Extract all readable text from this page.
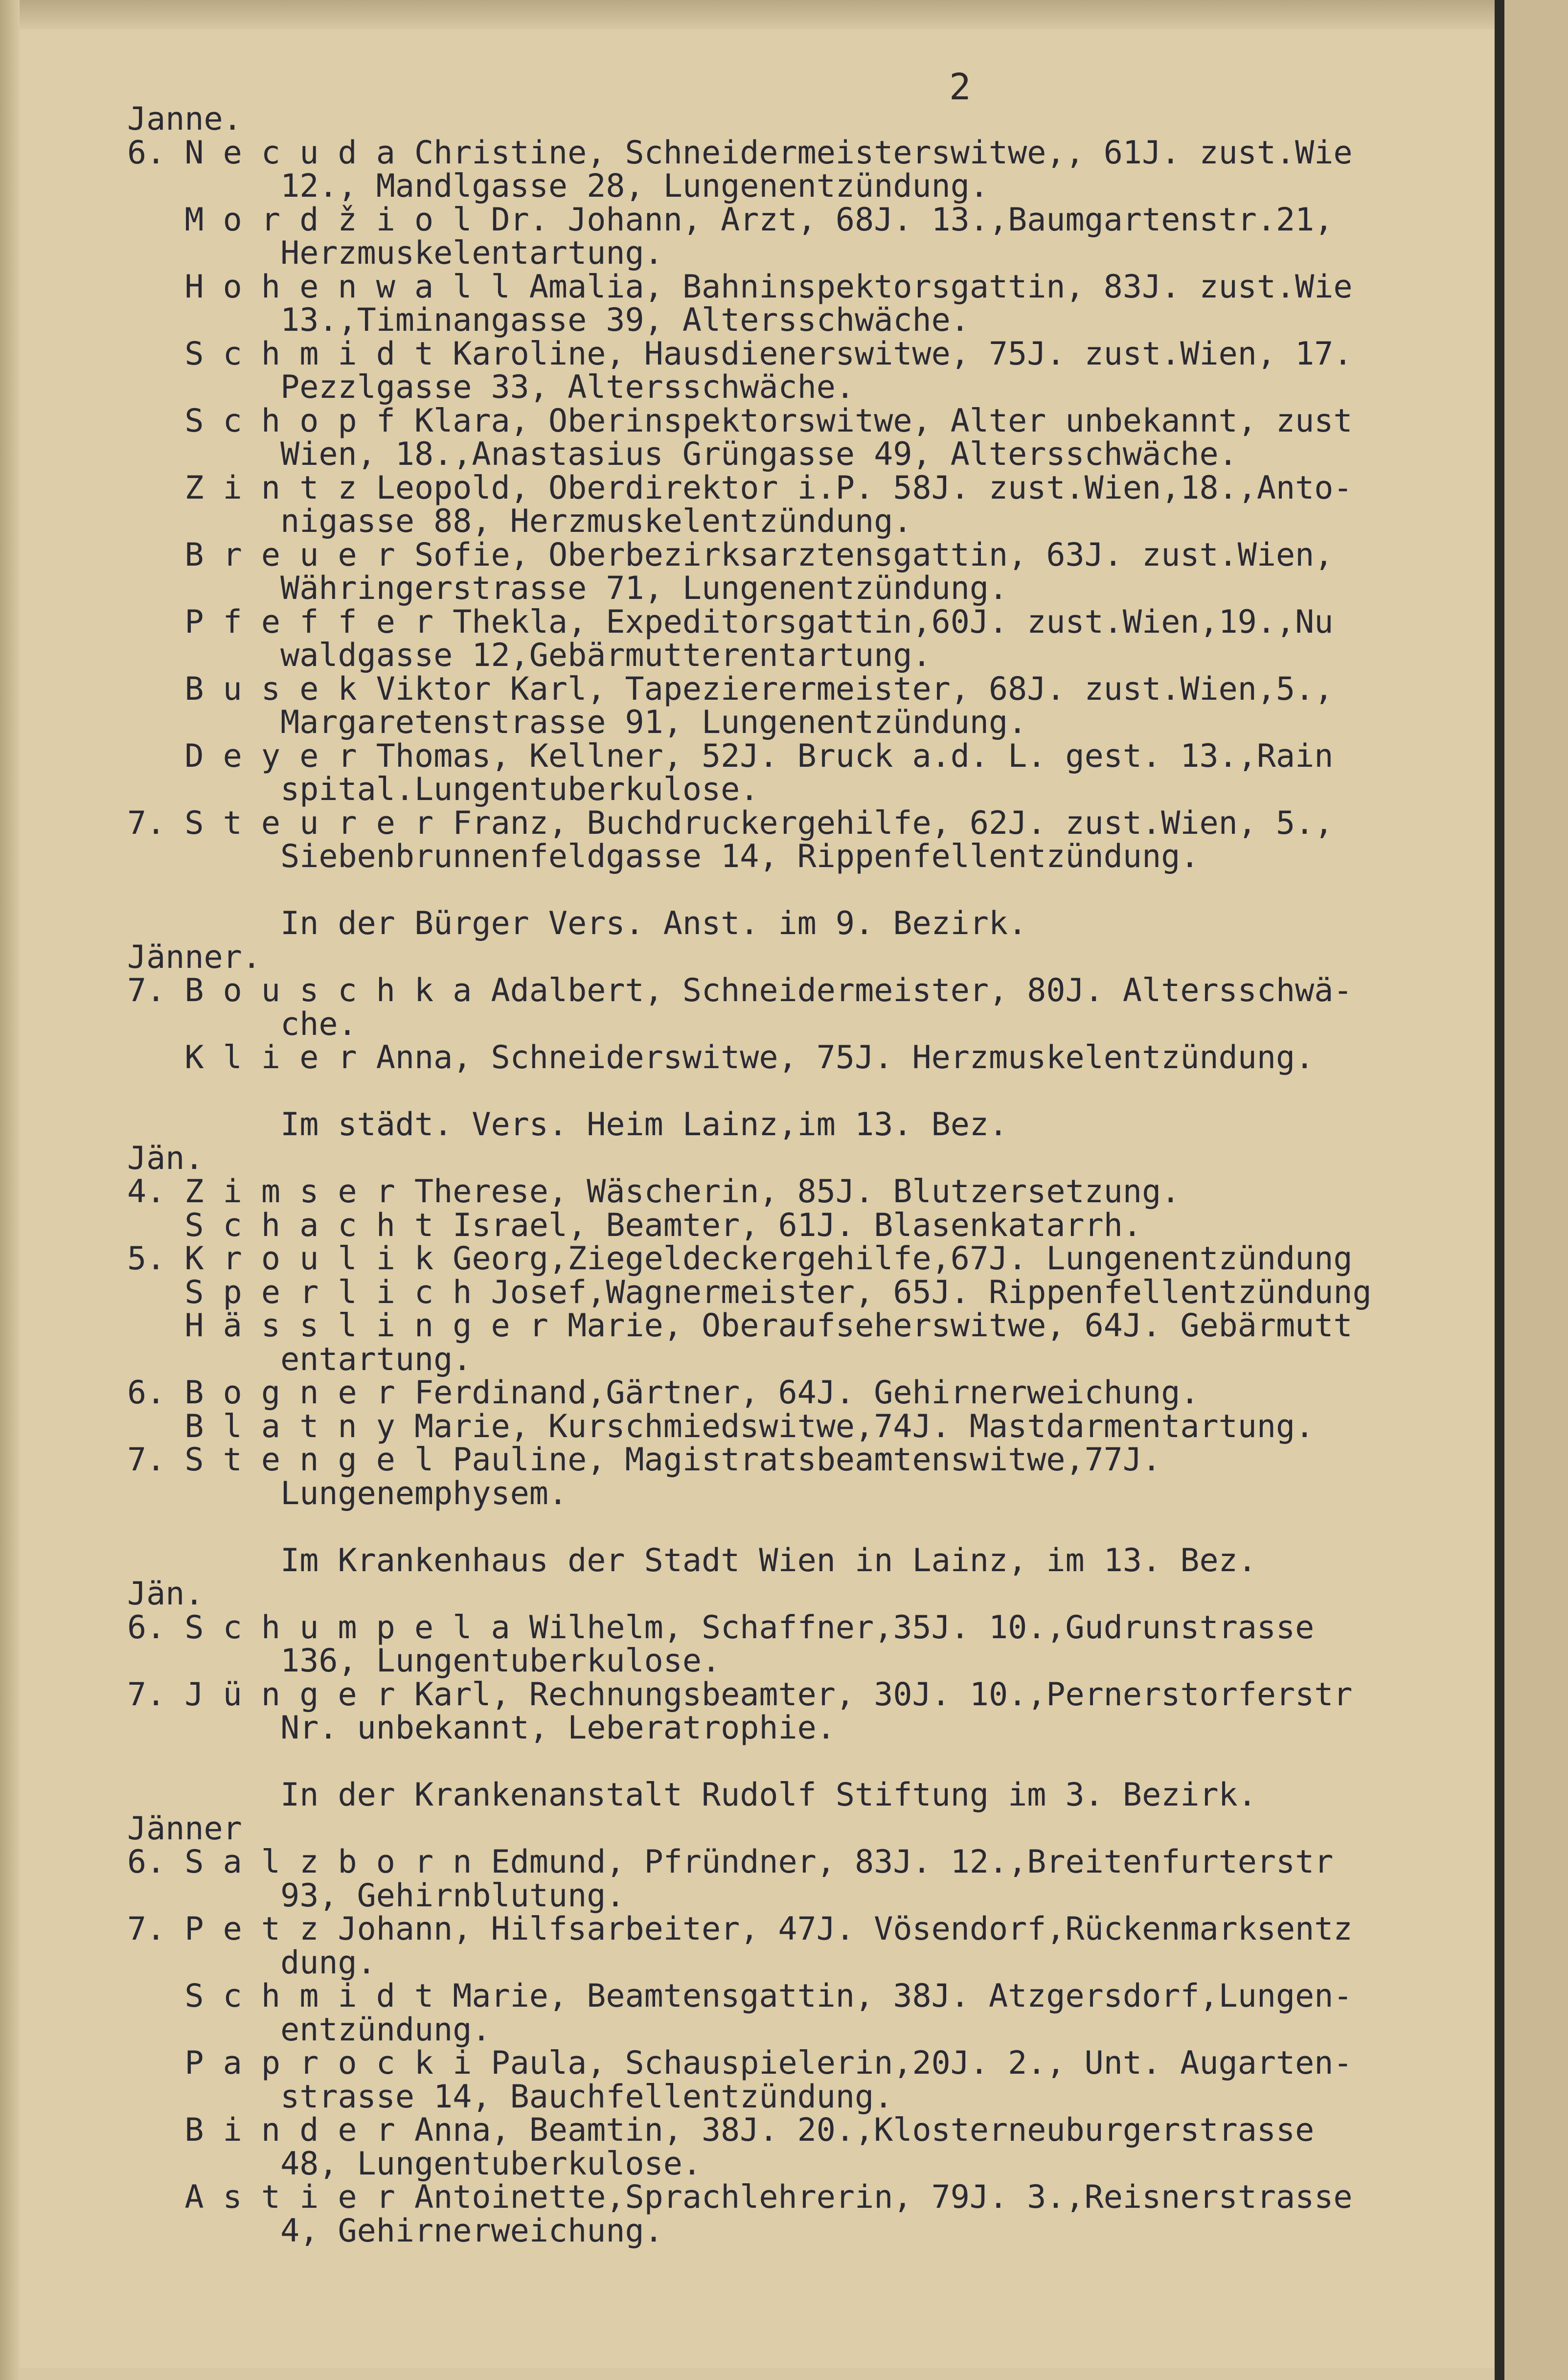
2
Janne.
6. N e c u d a Christine, Schneidermeisterswitwe,, 61J. zust.Wie
12., Mandlgasse 28, Lungenentzündung.
M o r d ž i o l Dr. Johann, Arzt, 68J. 13.,Baumgartenstr.21,
Herzmuskelentartung.
H o h e n w a l l Amalia, Bahninspektorsgattin, 83J. zust.Wie
13.,Timinangasse 39, Altersschwäche.
S c h m i d t Karoline, Hausdienerswitwe, 75J. zust.Wien, 17.
Pezzlgasse 33, Altersschwäche.
S c h o p f Klara, Oberinspektorswitwe, Alter unbekannt, zust
Wien, 18.,Anastasius Grüngasse 49, Altersschwäche.
Z i n t z Leopold, Oberdirektor i.P. 58J. zust.Wien,18.,Anto-
nigasse 88, Herzmuskelentzündung.
B r e u e r Sofie, Oberbezirksarztensgattin, 63J. zust.Wien,
Währingerstrasse 71, Lungenentzündung.
P f e f f e r Thekla, Expeditorsgattin,60J. zust.Wien,19.,Nu
waldgasse 12,Gebärmutterentartung.
B u s e k Viktor Karl, Tapezierermeister, 68J. zust.Wien,5.,
Margaretenstrasse 91, Lungenentzündung.
D e y e r Thomas, Kellner, 52J. Bruck a.d. L. gest. 13.,Rain
spital.Lungentuberkulose.
7. S t e u r e r Franz, Buchdruckergehilfe, 62J. zust.Wien, 5.,
Siebenbrunnenfeldgasse 14, Rippenfellentzündung.
In der Bürger Vers. Anst. im 9. Bezirk.
Jänner.
7. B o u s c h k a Adalbert, Schneidermeister, 80J. Altersschwä-
che.
K l i e r Anna, Schneiderswitwe, 75J. Herzmuskelentzündung.
Im städt. Vers. Heim Lainz,im 13. Bez.
Jän.
4. Z i m s e r Therese, Wäscherin, 85J. Blutzersetzung.
S c h a c h t Israel, Beamter, 61J. Blasenkatarrh.
5. K r o u l i k Georg,Ziegeldeckergehilfe,67J. Lungenentzündung
S p e r l i c h Josef,Wagnermeister, 65J. Rippenfellentzündung
H ä s s l i n g e r Marie, Oberaufseherswitwe, 64J. Gebärmutt
entartung.
6. B o g n e r Ferdinand,Gärtner, 64J. Gehirnerweichung.
B l a t n y Marie, Kurschmiedswitwe,74J. Mastdarmentartung.
7. S t e n g e l Pauline, Magistratsbeamtenswitwe,77J.
Lungenemphysem.
Im Krankenhaus der Stadt Wien in Lainz, im 13. Bez.
Jän.
6. S c h u m p e l a Wilhelm, Schaffner,35J. 10.,Gudrunstrasse
136, Lungentuberkulose.
7. J ü n g e r Karl, Rechnungsbeamter, 30J. 10.,Pernerstorferstr
Nr. unbekannt, Leberatrophie.
In der Krankenanstalt Rudolf Stiftung im 3. Bezirk.
Jänner
6. S a l z b o r n Edmund, Pfründner, 83J. 12.,Breitenfurterstr
93, Gehirnblutung.
7. P e t z Johann, Hilfsarbeiter, 47J. Vösendorf,Rückenmarksentz
dung.
S c h m i d t Marie, Beamtensgattin, 38J. Atzgersdorf,Lungen-
entzündung.
P a p r o c k i Paula, Schauspielerin,20J. 2., Unt. Augarten-
strasse 14, Bauchfellentzündung.
B i n d e r Anna, Beamtin, 38J. 20.,Klosterneuburgerstrasse
48, Lungentuberkulose.
A s t i e r Antoinette,Sprachlehrerin, 79J. 3.,Reisnerstrasse
4, Gehirnerweichung.
